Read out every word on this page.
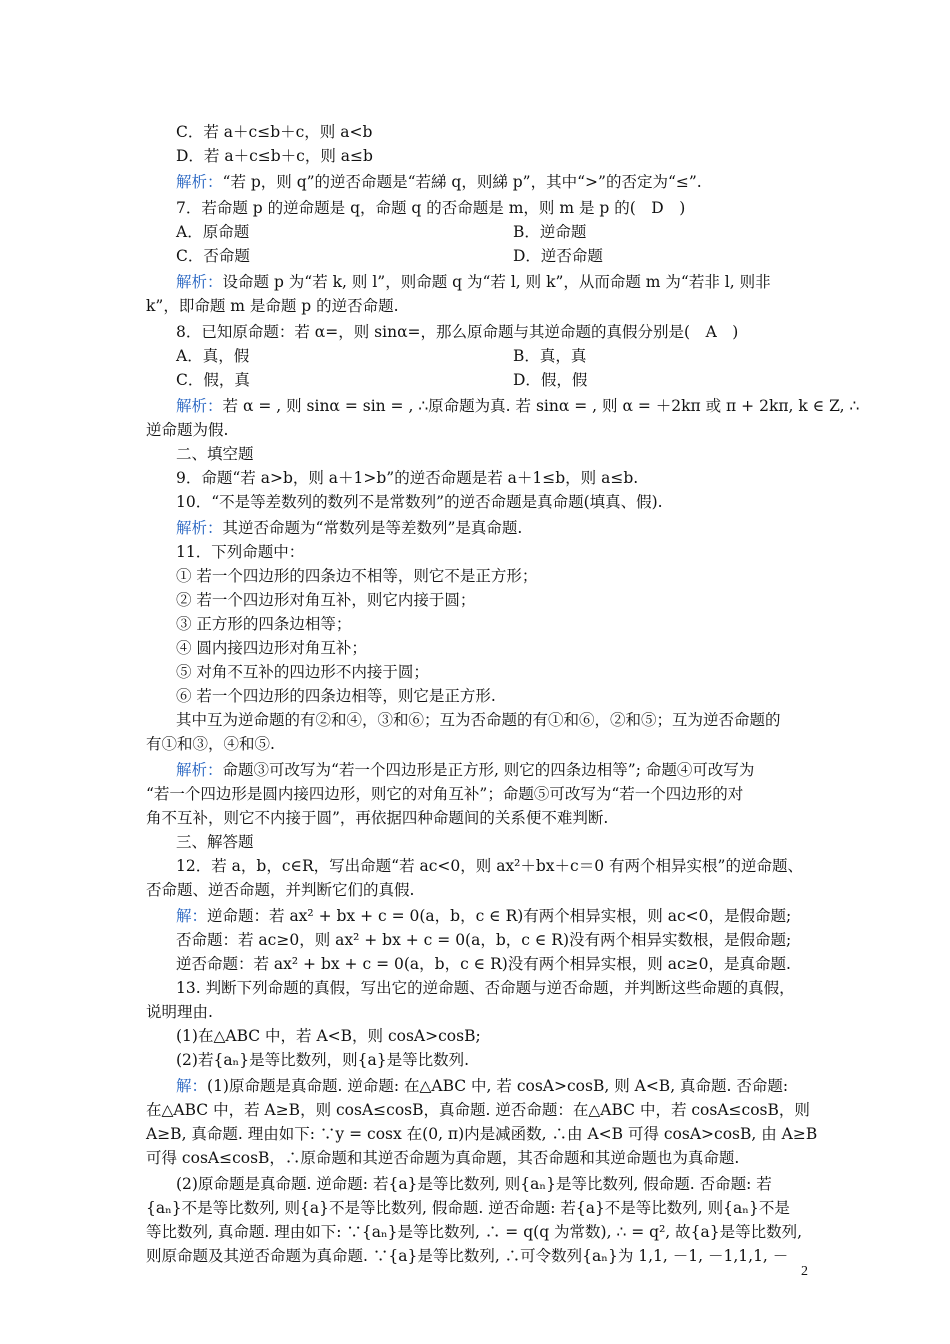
C．若 a＋c≤b＋c，则 a<b
D．若 a＋c≤b＋c，则 a≤b
解析：“若 p，则 q”的逆否命题是“若綈 q，则綈 p”，其中“>”的否定为“≤”.
7．若命题 p 的逆命题是 q，命题 q 的否命题是 m，则 m 是 p 的(　D　)
A．原命题	B．逆命题
C．否命题	D．逆否命题
解析：设命题 p 为“若 k, 则 l”，则命题 q 为“若 l, 则 k”，从而命题 m 为“若非 l, 则非
k”，即命题 m 是命题 p 的逆否命题.
8．已知原命题：若 α=，则 sinα=，那么原命题与其逆命题的真假分别是(　A　)
A．真，假	B．真，真
C．假，真	D．假，假
解析：若 α = , 则 sinα = sin = , ∴原命题为真. 若 sinα = , 则 α = ＋2kπ 或 π + 2kπ, k ∈ Z, ∴
逆命题为假.
二、填空题
9．命题“若 a>b，则 a＋1>b”的逆否命题是若 a＋1≤b，则 a≤b.
10．“不是等差数列的数列不是常数列”的逆否命题是真命题(填真、假).
解析：其逆否命题为“常数列是等差数列”是真命题.
11．下列命题中：
① 若一个四边形的四条边不相等，则它不是正方形；
② 若一个四边形对角互补，则它内接于圆；
③ 正方形的四条边相等；
④ 圆内接四边形对角互补；
⑤ 对角不互补的四边形不内接于圆；
⑥ 若一个四边形的四条边相等，则它是正方形.
其中互为逆命题的有②和④，③和⑥；互为否命题的有①和⑥，②和⑤；互为逆否命题的
有①和③，④和⑤.
解析：命题③可改写为“若一个四边形是正方形, 则它的四条边相等”; 命题④可改写为
“若一个四边形是圆内接四边形，则它的对角互补”；命题⑤可改写为“若一个四边形的对
角不互补，则它不内接于圆”，再依据四种命题间的关系便不难判断.
三、解答题
12．若 a，b，c∈R，写出命题“若 ac<0，则 ax²＋bx＋c＝0 有两个相异实根”的逆命题、
否命题、逆否命题，并判断它们的真假.
解：逆命题：若 ax² + bx + c = 0(a，b，c ∈ R)有两个相异实根，则 ac<0，是假命题;
否命题：若 ac≥0，则 ax² + bx + c = 0(a，b，c ∈ R)没有两个相异实数根，是假命题;
逆否命题：若 ax² + bx + c = 0(a，b，c ∈ R)没有两个相异实根，则 ac≥0，是真命题.
13. 判断下列命题的真假，写出它的逆命题、否命题与逆否命题，并判断这些命题的真假，
说明理由.
(1)在△ABC 中，若 A<B，则 cosA>cosB;
(2)若{aₙ}是等比数列，则{a}是等比数列.
解：(1)原命题是真命题. 逆命题: 在△ABC 中, 若 cosA>cosB, 则 A<B, 真命题. 否命题:
在△ABC 中，若 A≥B，则 cosA≤cosB，真命题. 逆否命题：在△ABC 中，若 cosA≤cosB，则
A≥B, 真命题. 理由如下: ∵y = cosx 在(0, π)内是减函数, ∴由 A<B 可得 cosA>cosB, 由 A≥B
可得 cosA≤cosB，∴原命题和其逆否命题为真命题，其否命题和其逆命题也为真命题.
(2)原命题是真命题. 逆命题: 若{a}是等比数列, 则{aₙ}是等比数列, 假命题. 否命题: 若
{aₙ}不是等比数列, 则{a}不是等比数列, 假命题. 逆否命题: 若{a}不是等比数列, 则{aₙ}不是
等比数列, 真命题. 理由如下: ∵{aₙ}是等比数列, ∴ = q(q 为常数), ∴ = q², 故{a}是等比数列,
则原命题及其逆否命题为真命题. ∵{a}是等比数列, ∴可令数列{aₙ}为 1,1, －1, －1,1,1, －
2
